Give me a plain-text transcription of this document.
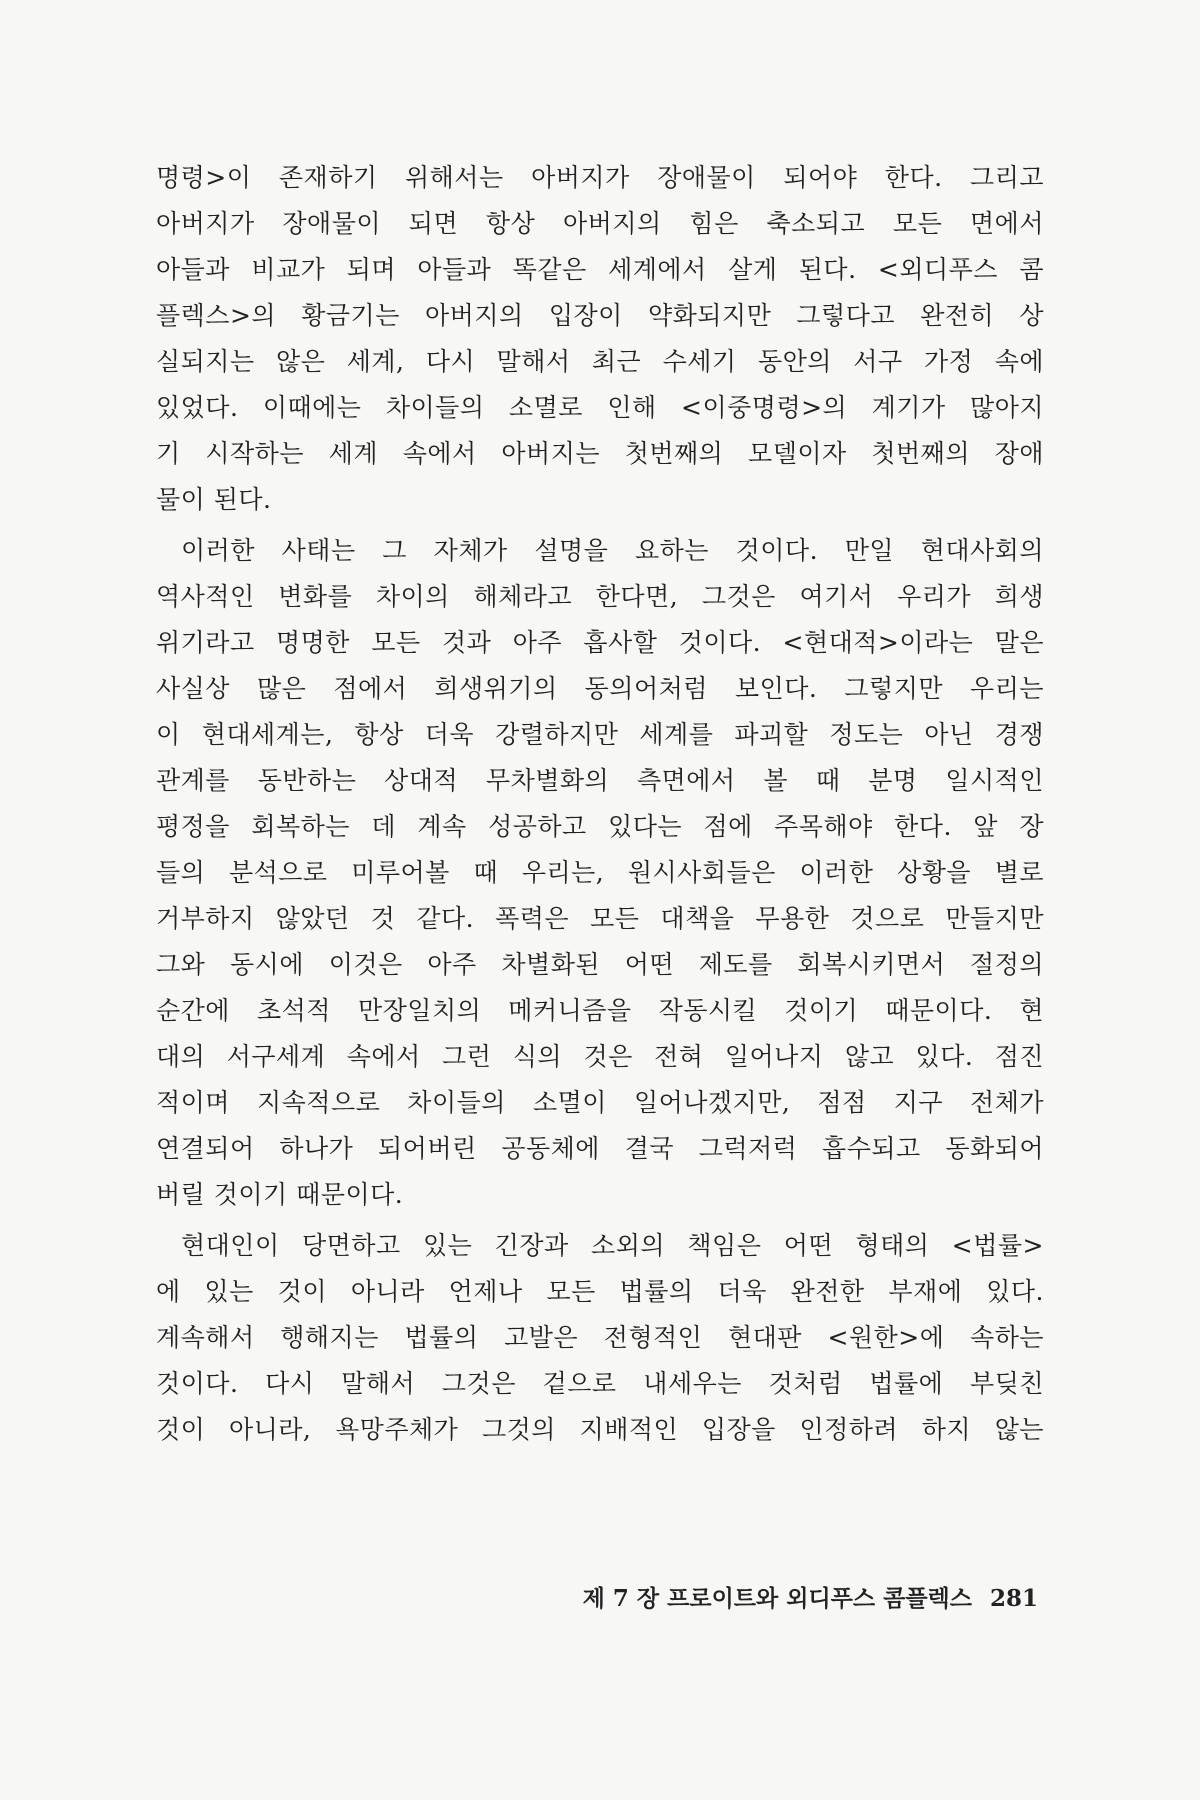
명령>이 존재하기 위해서는 아버지가 장애물이 되어야 한다. 그리고
아버지가 장애물이 되면 항상 아버지의 힘은 축소되고 모든 면에서
아들과 비교가 되며 아들과 똑같은 세계에서 살게 된다. <외디푸스 콤
플렉스>의 황금기는 아버지의 입장이 약화되지만 그렇다고 완전히 상
실되지는 않은 세계, 다시 말해서 최근 수세기 동안의 서구 가정 속에
있었다. 이때에는 차이들의 소멸로 인해 <이중명령>의 계기가 많아지
기 시작하는 세계 속에서 아버지는 첫번째의 모델이자 첫번째의 장애
물이 된다.
이러한 사태는 그 자체가 설명을 요하는 것이다. 만일 현대사회의
역사적인 변화를 차이의 해체라고 한다면, 그것은 여기서 우리가 희생
위기라고 명명한 모든 것과 아주 흡사할 것이다. <현대적>이라는 말은
사실상 많은 점에서 희생위기의 동의어처럼 보인다. 그렇지만 우리는
이 현대세계는, 항상 더욱 강렬하지만 세계를 파괴할 정도는 아닌 경쟁
관계를 동반하는 상대적 무차별화의 측면에서 볼 때 분명 일시적인
평정을 회복하는 데 계속 성공하고 있다는 점에 주목해야 한다. 앞 장
들의 분석으로 미루어볼 때 우리는, 원시사회들은 이러한 상황을 별로
거부하지 않았던 것 같다. 폭력은 모든 대책을 무용한 것으로 만들지만
그와 동시에 이것은 아주 차별화된 어떤 제도를 회복시키면서 절정의
순간에 초석적 만장일치의 메커니즘을 작동시킬 것이기 때문이다. 현
대의 서구세계 속에서 그런 식의 것은 전혀 일어나지 않고 있다. 점진
적이며 지속적으로 차이들의 소멸이 일어나겠지만, 점점 지구 전체가
연결되어 하나가 되어버린 공동체에 결국 그럭저럭 흡수되고 동화되어
버릴 것이기 때문이다.
현대인이 당면하고 있는 긴장과 소외의 책임은 어떤 형태의 <법률>
에 있는 것이 아니라 언제나 모든 법률의 더욱 완전한 부재에 있다.
계속해서 행해지는 법률의 고발은 전형적인 현대판 <원한>에 속하는
것이다. 다시 말해서 그것은 겉으로 내세우는 것처럼 법률에 부딪친
것이 아니라, 욕망주체가 그것의 지배적인 입장을 인정하려 하지 않는
제 7 장 프로이트와 외디푸스 콤플렉스 281
